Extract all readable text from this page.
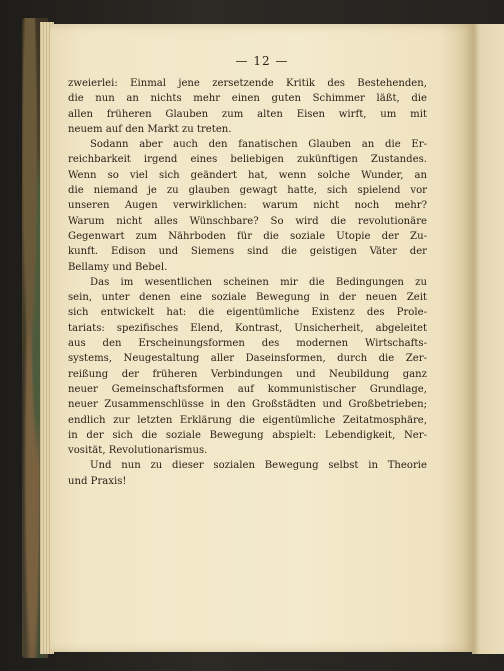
— 12 —
zweierlei: Einmal jene zersetzende Kritik des Bestehenden,
die nun an nichts mehr einen guten Schimmer läßt, die
allen früheren Glauben zum alten Eisen wirft, um mit
neuem auf den Markt zu treten.
Sodann aber auch den fanatischen Glauben an die Er-
reichbarkeit irgend eines beliebigen zukünftigen Zustandes.
Wenn so viel sich geändert hat, wenn solche Wunder, an
die niemand je zu glauben gewagt hatte, sich spielend vor
unseren Augen verwirklichen: warum nicht noch mehr?
Warum nicht alles Wünschbare? So wird die revolutionäre
Gegenwart zum Nährboden für die soziale Utopie der Zu-
kunft. Edison und Siemens sind die geistigen Väter der
Bellamy und Bebel.
Das im wesentlichen scheinen mir die Bedingungen zu
sein, unter denen eine soziale Bewegung in der neuen Zeit
sich entwickelt hat: die eigentümliche Existenz des Prole-
tariats: spezifisches Elend, Kontrast, Unsicherheit, abgeleitet
aus den Erscheinungsformen des modernen Wirtschafts-
systems, Neugestaltung aller Daseinsformen, durch die Zer-
reißung der früheren Verbindungen und Neubildung ganz
neuer Gemeinschaftsformen auf kommunistischer Grundlage,
neuer Zusammenschlüsse in den Großstädten und Großbetrieben;
endlich zur letzten Erklärung die eigentümliche Zeitatmosphäre,
in der sich die soziale Bewegung abspielt: Lebendigkeit, Ner-
vosität, Revolutionarismus.
Und nun zu dieser sozialen Bewegung selbst in Theorie
und Praxis!
